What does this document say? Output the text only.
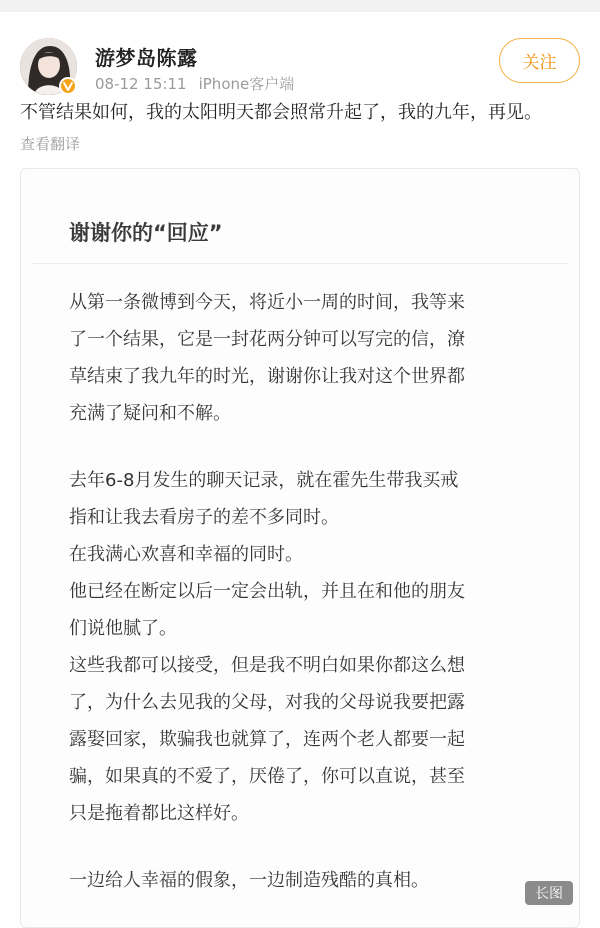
游梦岛陈露
08-12 15:11 iPhone客户端
关注
不管结果如何，我的太阳明天都会照常升起了，我的九年，再见。
查看翻译
谢谢你的“回应”

从第一条微博到今天，将近小一周的时间，我等来

了一个结果，它是一封花两分钟可以写完的信，潦

草结束了我九年的时光，谢谢你让我对这个世界都

充满了疑问和不解。

去年6-8月发生的聊天记录，就在霍先生带我买戒

指和让我去看房子的差不多同时。

在我满心欢喜和幸福的同时。

他已经在断定以后一定会出轨，并且在和他的朋友

们说他腻了。

这些我都可以接受，但是我不明白如果你都这么想

了，为什么去见我的父母，对我的父母说我要把露

露娶回家，欺骗我也就算了，连两个老人都要一起

骗，如果真的不爱了，厌倦了，你可以直说，甚至

只是拖着都比这样好。

一边给人幸福的假象，一边制造残酷的真相。

长图
